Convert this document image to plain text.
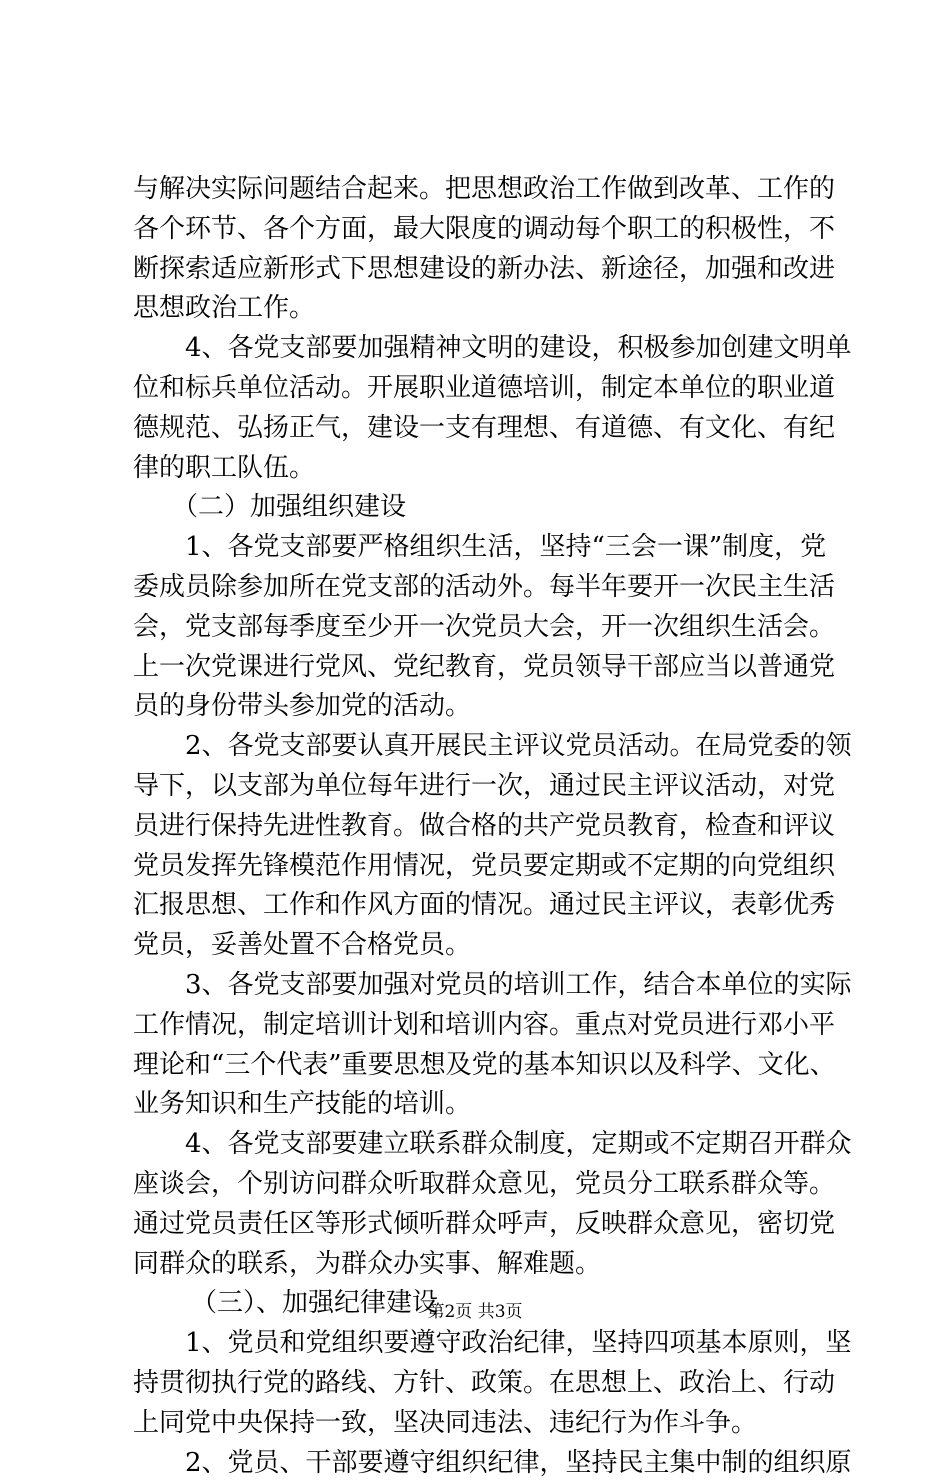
与解决实际问题结合起来。把思想政治工作做到改革、工作的
各个环节、各个方面，最大限度的调动每个职工的积极性，不
断探索适应新形式下思想建设的新办法、新途径，加强和改进
思想政治工作。
4、各党支部要加强精神文明的建设，积极参加创建文明单
位和标兵单位活动。开展职业道德培训，制定本单位的职业道
德规范、弘扬正气，建设一支有理想、有道德、有文化、有纪
律的职工队伍。
（二）加强组织建设
1、各党支部要严格组织生活，坚持“三会一课”制度，党
委成员除参加所在党支部的活动外。每半年要开一次民主生活
会，党支部每季度至少开一次党员大会，开一次组织生活会。
上一次党课进行党风、党纪教育，党员领导干部应当以普通党
员的身份带头参加党的活动。
2、各党支部要认真开展民主评议党员活动。在局党委的领
导下，以支部为单位每年进行一次，通过民主评议活动，对党
员进行保持先进性教育。做合格的共产党员教育，检查和评议
党员发挥先锋模范作用情况，党员要定期或不定期的向党组织
汇报思想、工作和作风方面的情况。通过民主评议，表彰优秀
党员，妥善处置不合格党员。
3、各党支部要加强对党员的培训工作，结合本单位的实际
工作情况，制定培训计划和培训内容。重点对党员进行邓小平
理论和“三个代表”重要思想及党的基本知识以及科学、文化、
业务知识和生产技能的培训。
4、各党支部要建立联系群众制度，定期或不定期召开群众
座谈会，个别访问群众听取群众意见，党员分工联系群众等。
通过党员责任区等形式倾听群众呼声，反映群众意见，密切党
同群众的联系，为群众办实事、解难题。
（三）、加强纪律建设
1、党员和党组织要遵守政治纪律，坚持四项基本原则，坚
持贯彻执行党的路线、方针、政策。在思想上、政治上、行动
上同党中央保持一致，坚决同违法、违纪行为作斗争。
2、党员、干部要遵守组织纪律，坚持民主集中制的组织原
第2页 共3页
